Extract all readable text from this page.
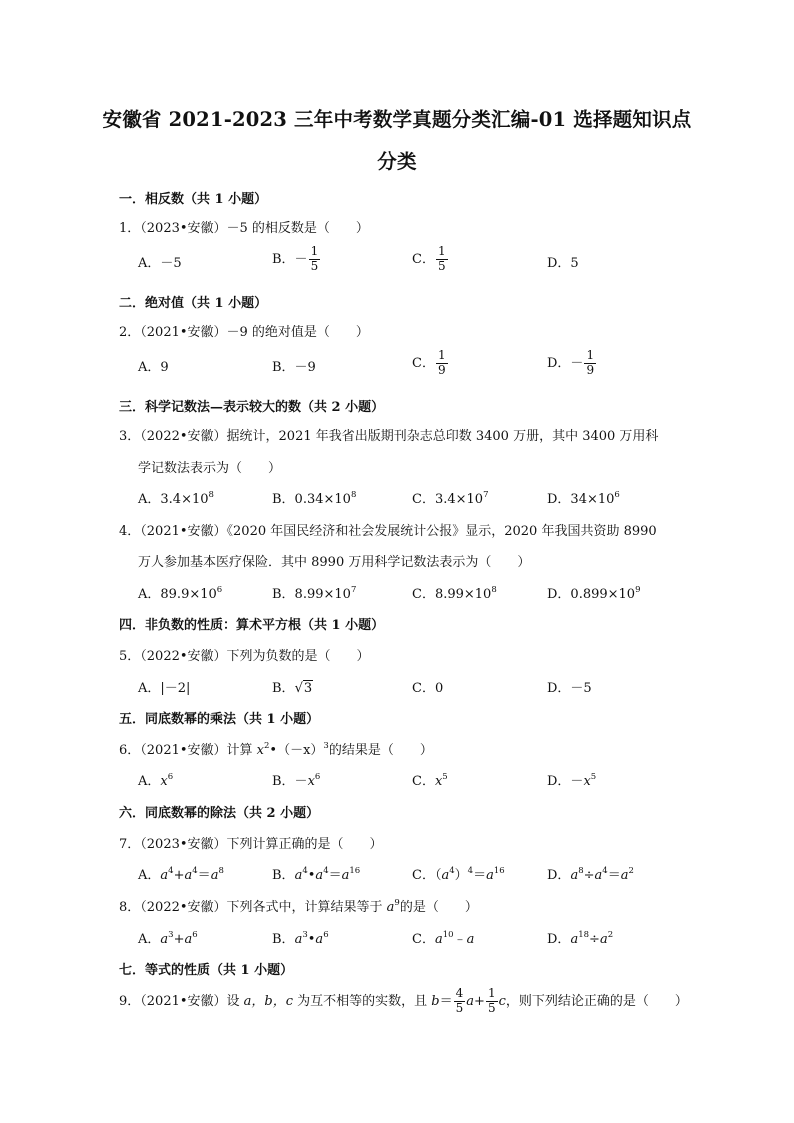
安徽省 2021-2023 三年中考数学真题分类汇编-01 选择题知识点
分类
一．相反数（共 1 小题）
1．（2023•安徽）－5 的相反数是（　　）
A．－5	B．－ $\frac{1}{5}$	C． $\frac{1}{5}$	D．5
二．绝对值（共 1 小题）
2．（2021•安徽）－9 的绝对值是（　　）
A．9	B．－9	C． $\frac{1}{9}$	D．－ $\frac{1}{9}$
三．科学记数法—表示较大的数（共 2 小题）
3．（2022•安徽）据统计，2021 年我省出版期刊杂志总印数 3400 万册，其中 3400 万用科
学记数法表示为（　　）
A．$3.4\times 10^8$	B．$0.34\times 10^8$	C．$3.4\times 10^7$	D．$34\times 10^6$
4．（2021•安徽）《2020 年国民经济和社会发展统计公报》显示，2020 年我国共资助 8990
万人参加基本医疗保险．其中 8990 万用科学记数法表示为（　　）
A．$89.9\times 10^6$	B．$8.99\times 10^7$	C．$8.99\times 10^8$	D．$0.899\times 10^9$
四．非负数的性质：算术平方根（共 1 小题）
5．（2022•安徽）下列为负数的是（　　）
A．|－2|	B．√3	C．0	D．－5
五．同底数幂的乘法（共 1 小题）
6．（2021•安徽）计算 $x^2•(-x)^3$的结果是（　　）
A．$x^6$	B．$-x^6$	C．$x^5$	D．$-x^5$
六．同底数幂的除法（共 2 小题）
7．（2023•安徽）下列计算正确的是（　　）
A．$a^4+a^4=a^8$	B．$a^4•a^4=a^{16}$	C．$(a^4)^4=a^{16}$	D．$a^8\div a^4=a^2$
8．（2022•安徽）下列各式中，计算结果等于 $a^9$的是（　　）
A．$a^3+a^6$	B．$a^3•a^6$	C．$a^{10}﹣a$	D．$a^{18}\div a^2$
七．等式的性质（共 1 小题）
9．（2021•安徽）设 a，b，c 为互不相等的实数，且 $b= \frac{4}{5} a+ \frac{1}{5}$ c，则下列结论正确的是（　　）
